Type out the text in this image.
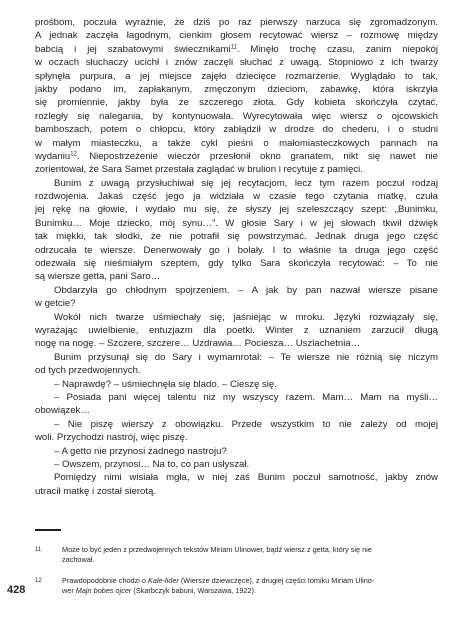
prośbom, poczuła wyraźnie, że dziś po raz pierwszy narzuca się zgromadzonym.
A jednak zaczęła łagodnym, cienkim głosem recytować wiersz – rozmowę między
babcią i jej szabatowymi świecznikami$^{11}$. Minęło trochę czasu, zanim niepokój
w oczach słuchaczy ucichł i znów zaczęli słuchać z uwagą. Stopniowo z ich twarzy
spłynęła purpura, a jej miejsce zajęło dziecięce rozmarzenie. Wyglądało to tak,
jakby podano im, zapłakanym, zmęczonym dzieciom, zabawkę, która iskrzyła
się promiennie, jakby była ze szczerego złota. Gdy kobieta skończyła czytać,
rozległy się nalegania, by kontynuowała. Wyrecytowała więc wiersz o ojcowskich
bamboszach, potem o chłopcu, który zabłądził w drodze do chederu, i o studni
w małym miasteczku, a także cykl pieśni o małomiasteczkowych pannach na
wydaniu$^{12}$. Niepostrzeżenie wieczór przesłonił okno granatem, nikt się nawet nie
zorientował, że Sara Samet przestała zaglądać w brulion i recytuje z pamięci.
Bunim z uwagą przysłuchiwał się jej recytacjom, lecz tym razem poczuł rodzaj
rozdwojenia. Jakaś część jego ja widziała w czasie tego czytania matkę, czuła
jej rękę na głowie, i wydało mu się, że słyszy jej szeleszczący szept: „Bunimku,
Bunimku… Moje dziecko, mój synu…”. W głosie Sary i w jej słowach tkwił dźwięk
tak miękki, tak słodki, że nie potrafił się powstrzymać. Jednak druga jego część
odrzucała te wiersze. Denerwowały go i bolały. I to właśnie ta druga jego część
odezwała się nieśmiałym szeptem, gdy tylko Sara skończyła recytować: – To nie
są wiersze getta, pani Saro…
Obdarzyła go chłodnym spojrzeniem. – A jak by pan nazwał wiersze pisane
w getcie?
Wokół nich twarze uśmiechały się, jaśniejąc w mroku. Języki rozwiązały się,
wyrażając uwielbienie, entuzjazm dla poetki. Winter z uznaniem zarzucił długą
nogę na nogę. – Szczere, szczere… Uzdrawia… Pociesza… Uszlachetnia…
Bunim przysunął się do Sary i wymamrotał: – Te wiersze nie różnią się niczym
od tych przedwojennych.
– Naprawdę? – uśmiechnęła się blado. – Cieszę się.
– Posiada pani więcej talentu niż my wszyscy razem. Mam… Mam na myśli…
obowiązek…
– Nie piszę wierszy z obowiązku. Przede wszystkim to nie zależy od mojej
woli. Przychodzi nastrój, więc piszę.
– A getto nie przynosi żadnego nastroju?
– Owszem, przynosi… Na to, co pan usłyszał.
Pomiędzy nimi wisiała mgła, w niej zaś Bunim poczuł samotność, jakby znów
utracił matkę i został sierotą.
11	Może to być jeden z przedwojennych tekstów Miriam Ulinower, bądź wiersz z getta, który się nie
zachował.
12	Prawdopodobnie chodzi o Kale-lider (Wiersze dziewczęce), z drugiej części tomiku Miriam Ulino-
wer Majn bobes ojcer (Skarbczyk babuni, Warszawa, 1922).
428
